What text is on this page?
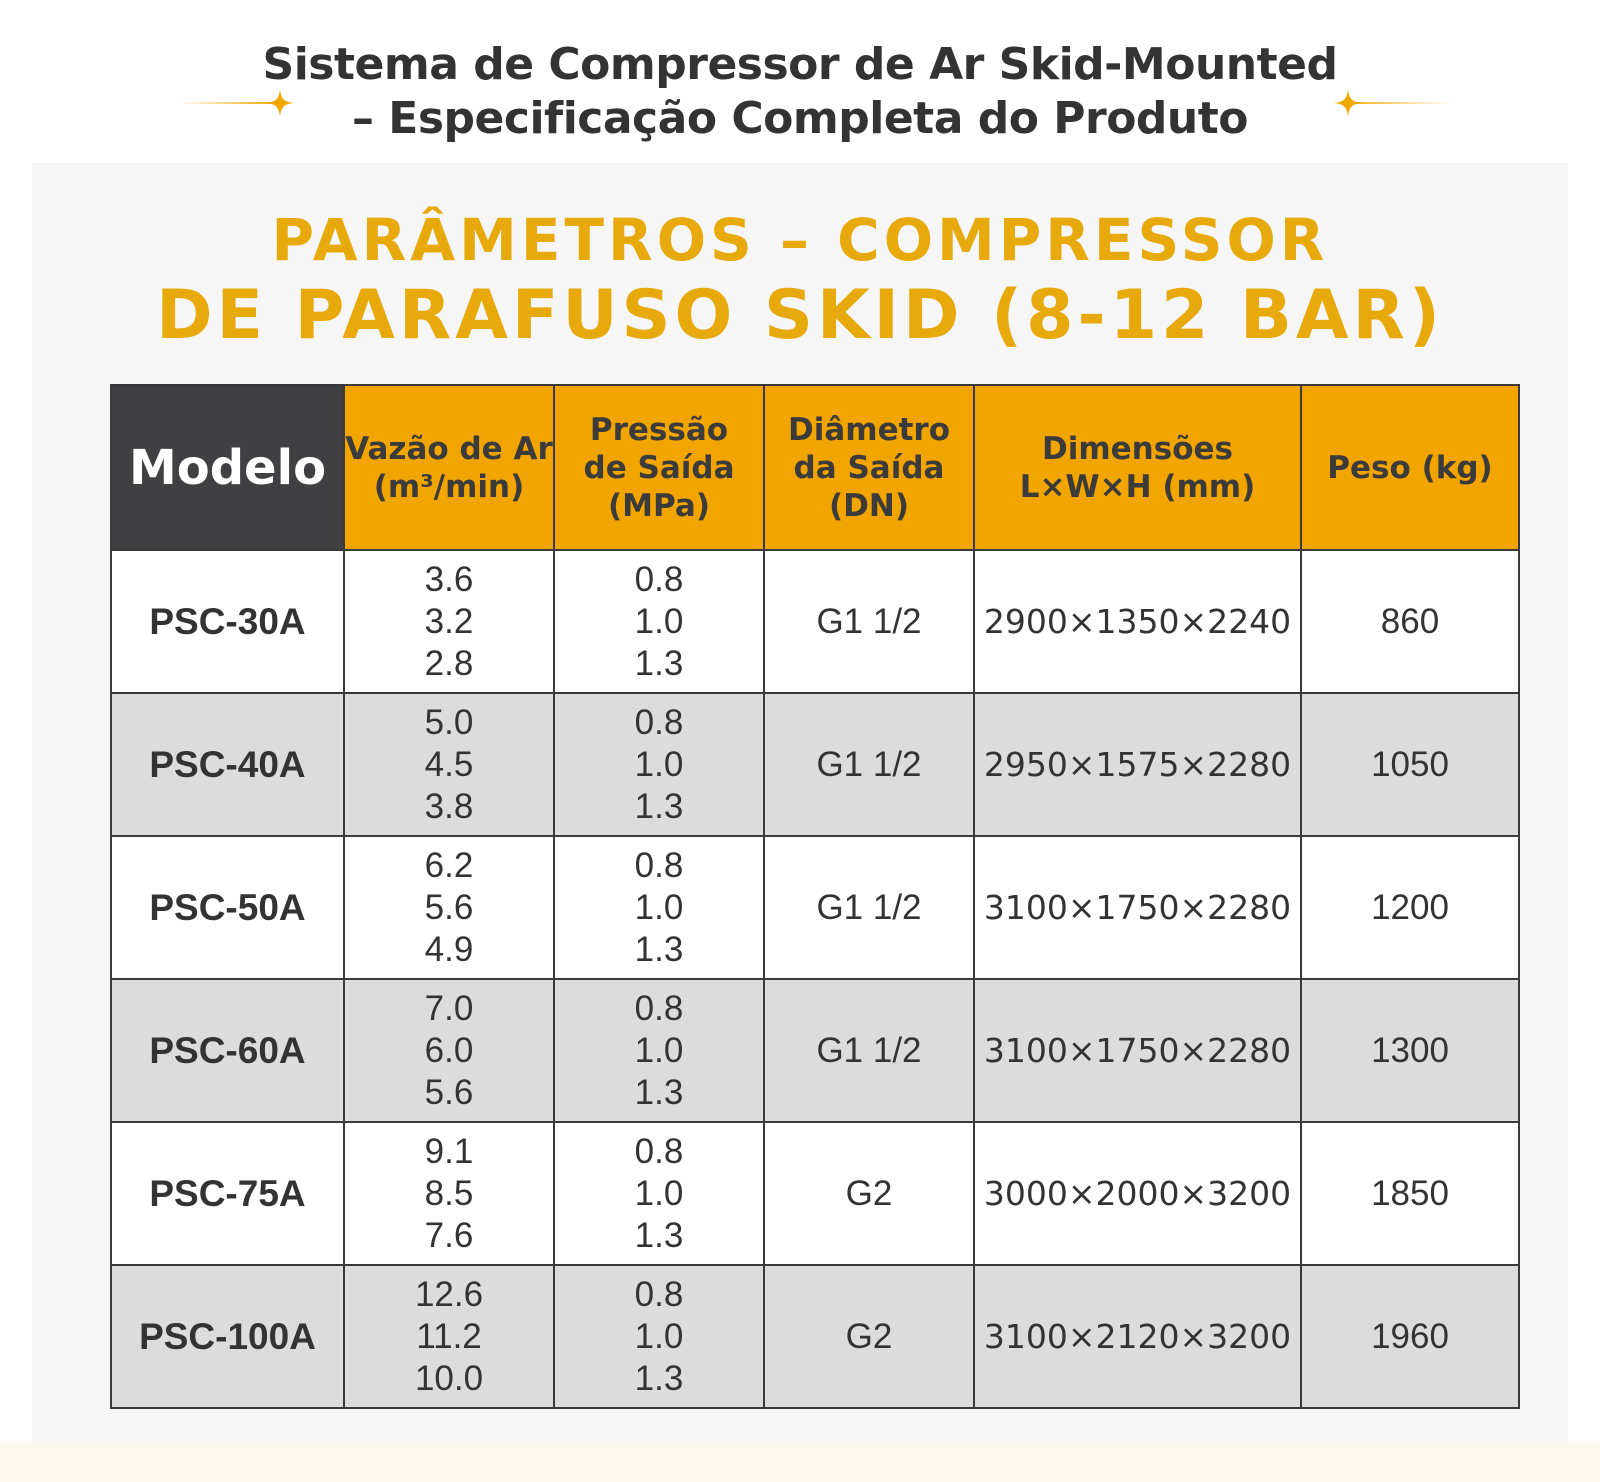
Sistema de Compressor de Ar Skid-Mounted
– Especificação Completa do Produto
PARÂMETROS – COMPRESSOR
DE PARAFUSO SKID (8-12 BAR)
Modelo	Vazão de Ar
(m³/min)	Pressão
de Saída
(MPa)	Diâmetro
da Saída
(DN)	Dimensões
L×W×H (mm)	Peso (kg)
PSC-30A	3.6
3.2
2.8	0.8
1.0
1.3	G1 1/2	2900×1350×2240	860
PSC-40A	5.0
4.5
3.8	0.8
1.0
1.3	G1 1/2	2950×1575×2280	1050
PSC-50A	6.2
5.6
4.9	0.8
1.0
1.3	G1 1/2	3100×1750×2280	1200
PSC-60A	7.0
6.0
5.6	0.8
1.0
1.3	G1 1/2	3100×1750×2280	1300
PSC-75A	9.1
8.5
7.6	0.8
1.0
1.3	G2	3000×2000×3200	1850
PSC-100A	12.6
11.2
10.0	0.8
1.0
1.3	G2	3100×2120×3200	1960
